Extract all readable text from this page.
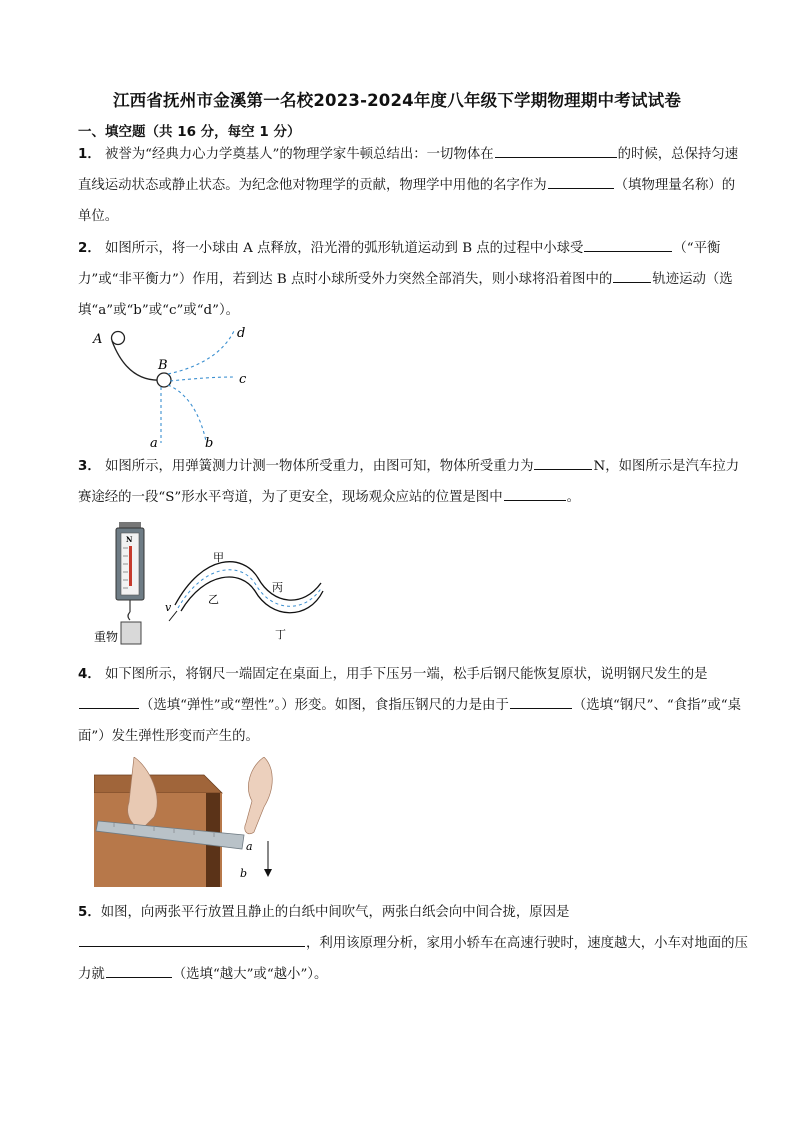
江西省抚州市金溪第一名校2023-2024年度八年级下学期物理期中考试试卷
一、填空题（共 16 分，每空 1 分）
1． 被誉为“经典力心力学奠基人”的物理学家牛顿总结出：一切物体在	的时候，总保持匀速直线运动状态或静止状态。为纪念他对物理学的贡献，物理学中用他的名字作为	（填物理量名称）的单位。
2． 如图所示，将一小球由 A 点释放，沿光滑的弧形轨道运动到 B 点的过程中小球受	（“平衡力”或“非平衡力”）作用，若到达 B 点时小球所受外力突然全部消失，则小球将沿着图中的	轨迹运动（选填“a”或“b”或“c”或“d”）。
A
B
a	b
c
d
3． 如图所示，用弹簧测力计测一物体所受重力，由图可知，物体所受重力为	N，如图所示是汽车拉力赛途经的一段“S”形水平弯道，为了更安全，现场观众应站的位置是图中	。
N
重物
v
甲
乙
丙
丁
4． 如下图所示，将钢尺一端固定在桌面上，用手下压另一端，松手后钢尺能恢复原状，说明钢尺发生的是（选填“弹性”或“塑性”。）形变。如图，食指压钢尺的力是由于	（选填“钢尺”、“食指”或“桌面”）发生弹性形变而产生的。
a
b
5．如图，向两张平行放置且静止的白纸中间吹气，两张白纸会向中间合拢，原因是，利用该原理分析，家用小轿车在高速行驶时，速度越大，小车对地面的压力就	（选填“越大”或“越小”）。
